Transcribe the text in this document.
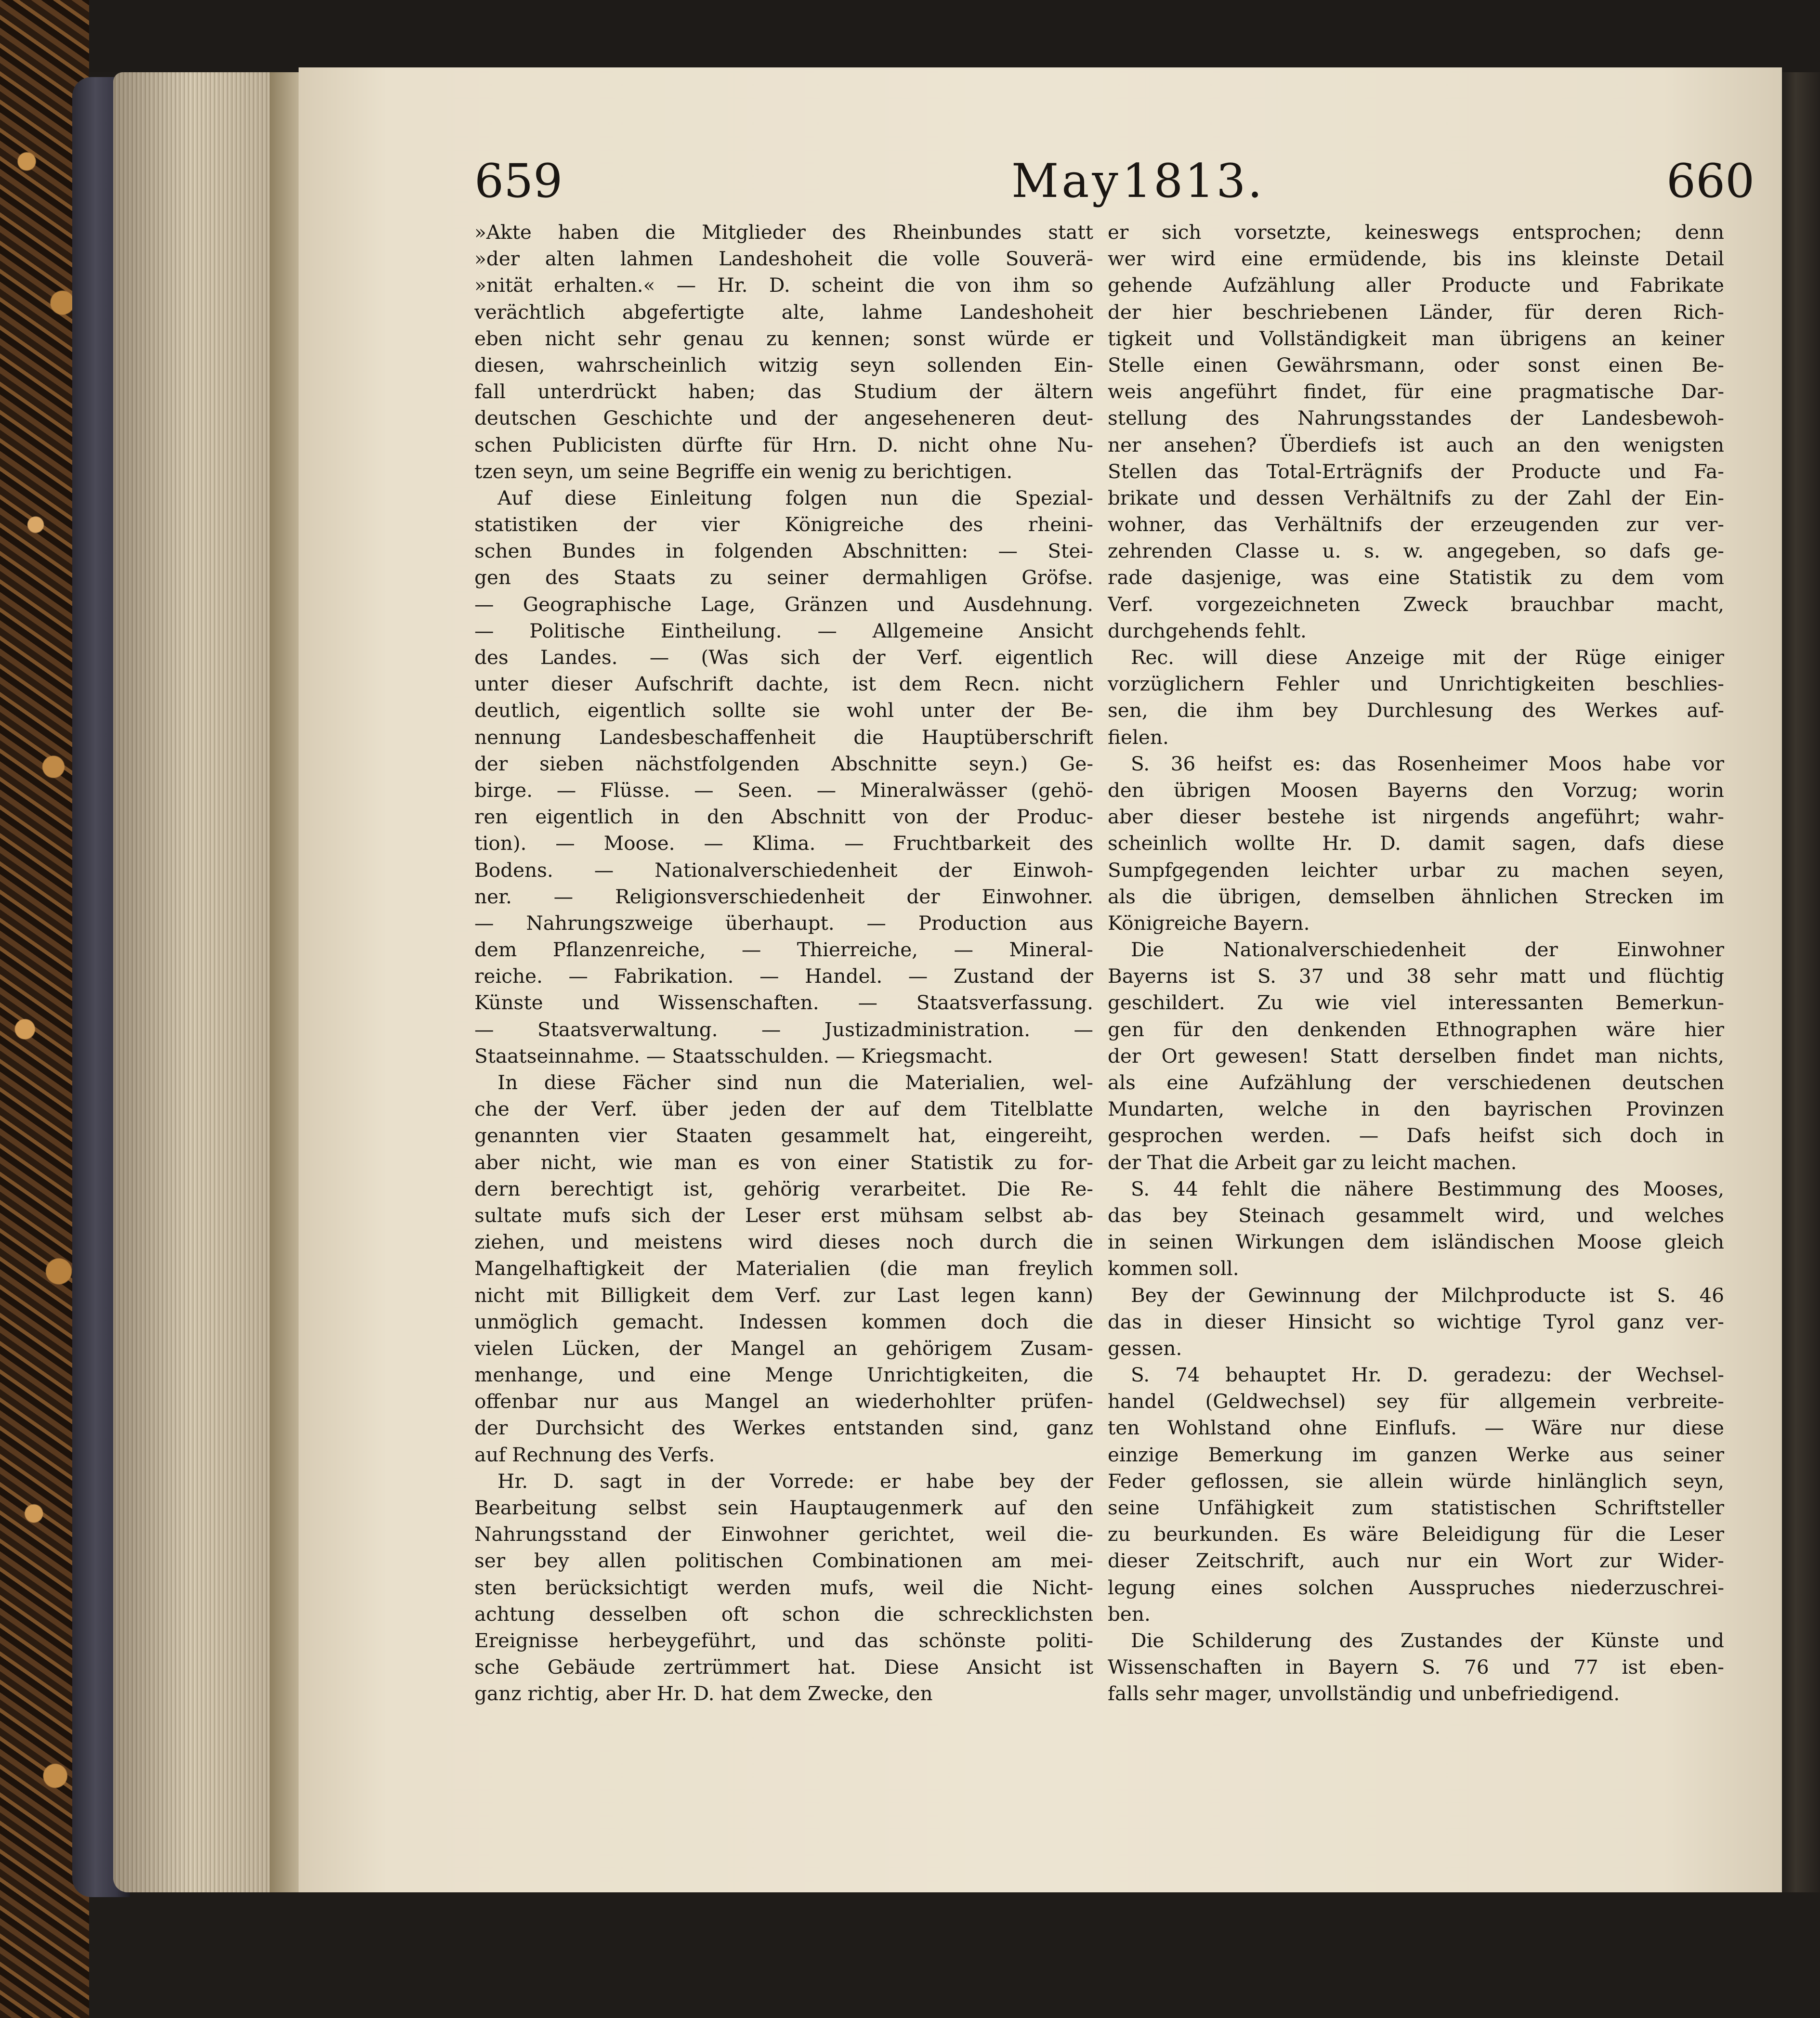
659	May 1813.	660
»Akte haben die Mitglieder des Rheinbundes statt
»der alten lahmen Landeshoheit die volle Souverä-
»nität erhalten.« — Hr. D. scheint die von ihm so
verächtlich abgefertigte alte, lahme Landeshoheit
eben nicht sehr genau zu kennen; sonst würde er
diesen, wahrscheinlich witzig seyn sollenden Ein-
fall unterdrückt haben; das Studium der ältern
deutschen Geschichte und der angeseheneren deut-
schen Publicisten dürfte für Hrn. D. nicht ohne Nu-
tzen seyn, um seine Begriffe ein wenig zu berichtigen.
Auf diese Einleitung folgen nun die Spezial-
statistiken der vier Königreiche des rheini-
schen Bundes in folgenden Abschnitten: — Stei-
gen des Staats zu seiner dermahligen Gröfse.
— Geographische Lage, Gränzen und Ausdehnung.
— Politische Eintheilung. — Allgemeine Ansicht
des Landes. — (Was sich der Verf. eigentlich
unter dieser Aufschrift dachte, ist dem Recn. nicht
deutlich, eigentlich sollte sie wohl unter der Be-
nennung Landesbeschaffenheit die Hauptüberschrift
der sieben nächstfolgenden Abschnitte seyn.) Ge-
birge. — Flüsse. — Seen. — Mineralwässer (gehö-
ren eigentlich in den Abschnitt von der Produc-
tion). — Moose. — Klima. — Fruchtbarkeit des
Bodens. — Nationalverschiedenheit der Einwoh-
ner. — Religionsverschiedenheit der Einwohner.
— Nahrungszweige überhaupt. — Production aus
dem Pflanzenreiche, — Thierreiche, — Mineral-
reiche. — Fabrikation. — Handel. — Zustand der
Künste und Wissenschaften. — Staatsverfassung.
— Staatsverwaltung. — Justizadministration. —
Staatseinnahme. — Staatsschulden. — Kriegsmacht.
In diese Fächer sind nun die Materialien, wel-
che der Verf. über jeden der auf dem Titelblatte
genannten vier Staaten gesammelt hat, eingereiht,
aber nicht, wie man es von einer Statistik zu for-
dern berechtigt ist, gehörig verarbeitet. Die Re-
sultate mufs sich der Leser erst mühsam selbst ab-
ziehen, und meistens wird dieses noch durch die
Mangelhaftigkeit der Materialien (die man freylich
nicht mit Billigkeit dem Verf. zur Last legen kann)
unmöglich gemacht. Indessen kommen doch die
vielen Lücken, der Mangel an gehörigem Zusam-
menhange, und eine Menge Unrichtigkeiten, die
offenbar nur aus Mangel an wiederhohlter prüfen-
der Durchsicht des Werkes entstanden sind, ganz
auf Rechnung des Verfs.
Hr. D. sagt in der Vorrede: er habe bey der
Bearbeitung selbst sein Hauptaugenmerk auf den
Nahrungsstand der Einwohner gerichtet, weil die-
ser bey allen politischen Combinationen am mei-
sten berücksichtigt werden mufs, weil die Nicht-
achtung desselben oft schon die schrecklichsten
Ereignisse herbeygeführt, und das schönste politi-
sche Gebäude zertrümmert hat. Diese Ansicht ist
ganz richtig, aber Hr. D. hat dem Zwecke, den
er sich vorsetzte, keineswegs entsprochen; denn
wer wird eine ermüdende, bis ins kleinste Detail
gehende Aufzählung aller Producte und Fabrikate
der hier beschriebenen Länder, für deren Rich-
tigkeit und Vollständigkeit man übrigens an keiner
Stelle einen Gewährsmann, oder sonst einen Be-
weis angeführt findet, für eine pragmatische Dar-
stellung des Nahrungsstandes der Landesbewoh-
ner ansehen? Überdiefs ist auch an den wenigsten
Stellen das Total-Erträgnifs der Producte und Fa-
brikate und dessen Verhältnifs zu der Zahl der Ein-
wohner, das Verhältnifs der erzeugenden zur ver-
zehrenden Classe u. s. w. angegeben, so dafs ge-
rade dasjenige, was eine Statistik zu dem vom
Verf. vorgezeichneten Zweck brauchbar macht,
durchgehends fehlt.
Rec. will diese Anzeige mit der Rüge einiger
vorzüglichern Fehler und Unrichtigkeiten beschlies-
sen, die ihm bey Durchlesung des Werkes auf-
fielen.
S. 36 heifst es: das Rosenheimer Moos habe vor
den übrigen Moosen Bayerns den Vorzug; worin
aber dieser bestehe ist nirgends angeführt; wahr-
scheinlich wollte Hr. D. damit sagen, dafs diese
Sumpfgegenden leichter urbar zu machen seyen,
als die übrigen, demselben ähnlichen Strecken im
Königreiche Bayern.
Die Nationalverschiedenheit der Einwohner
Bayerns ist S. 37 und 38 sehr matt und flüchtig
geschildert. Zu wie viel interessanten Bemerkun-
gen für den denkenden Ethnographen wäre hier
der Ort gewesen! Statt derselben findet man nichts,
als eine Aufzählung der verschiedenen deutschen
Mundarten, welche in den bayrischen Provinzen
gesprochen werden. — Dafs heifst sich doch in
der That die Arbeit gar zu leicht machen.
S. 44 fehlt die nähere Bestimmung des Mooses,
das bey Steinach gesammelt wird, und welches
in seinen Wirkungen dem isländischen Moose gleich
kommen soll.
Bey der Gewinnung der Milchproducte ist S. 46
das in dieser Hinsicht so wichtige Tyrol ganz ver-
gessen.
S. 74 behauptet Hr. D. geradezu: der Wechsel-
handel (Geldwechsel) sey für allgemein verbreite-
ten Wohlstand ohne Einflufs. — Wäre nur diese
einzige Bemerkung im ganzen Werke aus seiner
Feder geflossen, sie allein würde hinlänglich seyn,
seine Unfähigkeit zum statistischen Schriftsteller
zu beurkunden. Es wäre Beleidigung für die Leser
dieser Zeitschrift, auch nur ein Wort zur Wider-
legung eines solchen Ausspruches niederzuschrei-
ben.
Die Schilderung des Zustandes der Künste und
Wissenschaften in Bayern S. 76 und 77 ist eben-
falls sehr mager, unvollständig und unbefriedigend.
